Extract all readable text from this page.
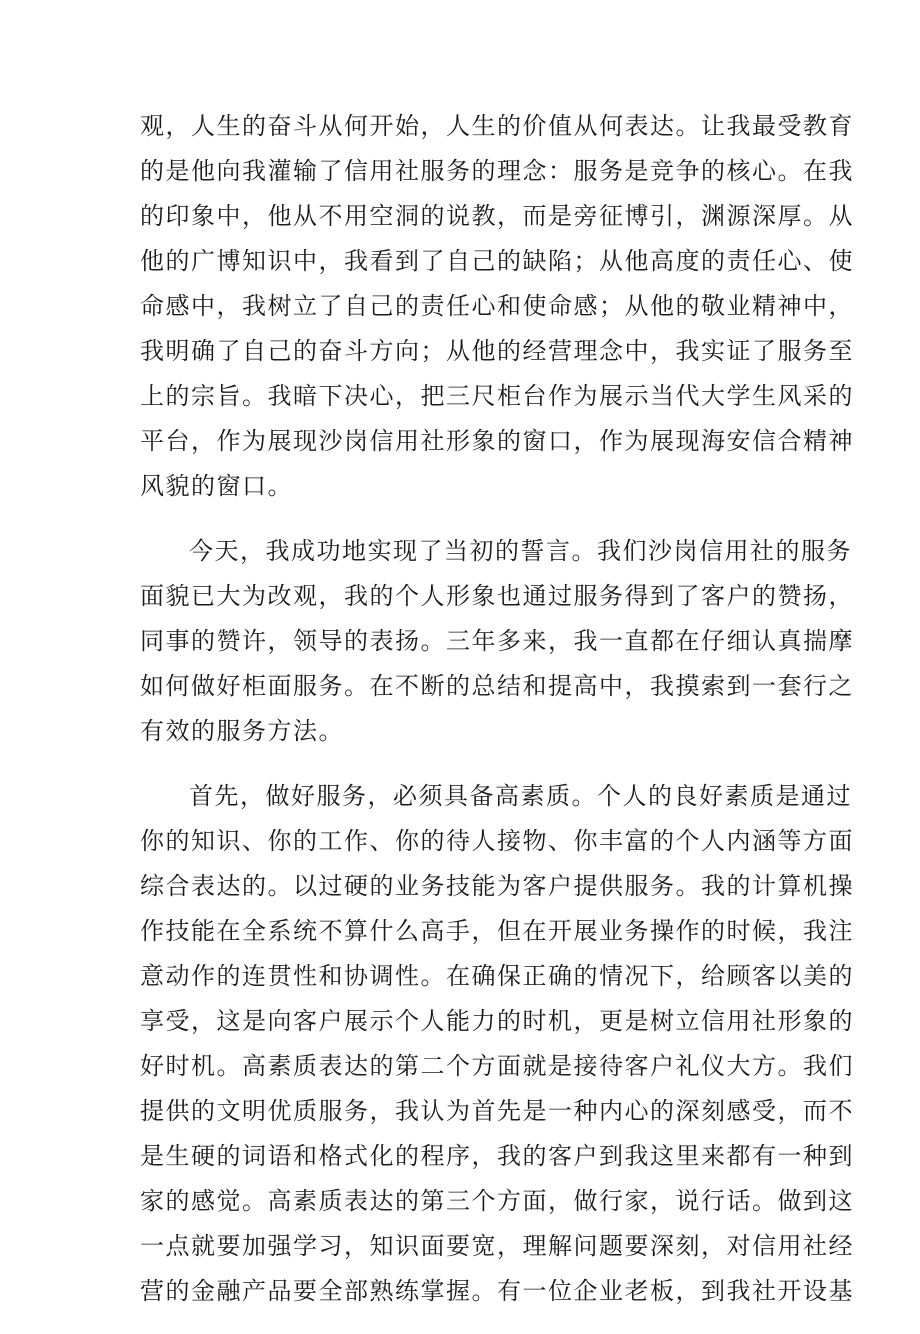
观，人生的奋斗从何开始，人生的价值从何表达。让我最受教育
的是他向我灌输了信用社服务的理念：服务是竞争的核心。在我
的印象中，他从不用空洞的说教，而是旁征博引，渊源深厚。从
他的广博知识中，我看到了自己的缺陷；从他高度的责任心、使
命感中，我树立了自己的责任心和使命感；从他的敬业精神中，
我明确了自己的奋斗方向；从他的经营理念中，我实证了服务至
上的宗旨。我暗下决心，把三尺柜台作为展示当代大学生风采的
平台，作为展现沙岗信用社形象的窗口，作为展现海安信合精神
风貌的窗口。
今天，我成功地实现了当初的誓言。我们沙岗信用社的服务
面貌已大为改观，我的个人形象也通过服务得到了客户的赞扬，
同事的赞许，领导的表扬。三年多来，我一直都在仔细认真揣摩
如何做好柜面服务。在不断的总结和提高中，我摸索到一套行之
有效的服务方法。
首先，做好服务，必须具备高素质。个人的良好素质是通过
你的知识、你的工作、你的待人接物、你丰富的个人内涵等方面
综合表达的。以过硬的业务技能为客户提供服务。我的计算机操
作技能在全系统不算什么高手，但在开展业务操作的时候，我注
意动作的连贯性和协调性。在确保正确的情况下，给顾客以美的
享受，这是向客户展示个人能力的时机，更是树立信用社形象的
好时机。高素质表达的第二个方面就是接待客户礼仪大方。我们
提供的文明优质服务，我认为首先是一种内心的深刻感受，而不
是生硬的词语和格式化的程序，我的客户到我这里来都有一种到
家的感觉。高素质表达的第三个方面，做行家，说行话。做到这
一点就要加强学习，知识面要宽，理解问题要深刻，对信用社经
营的金融产品要全部熟练掌握。有一位企业老板，到我社开设基
